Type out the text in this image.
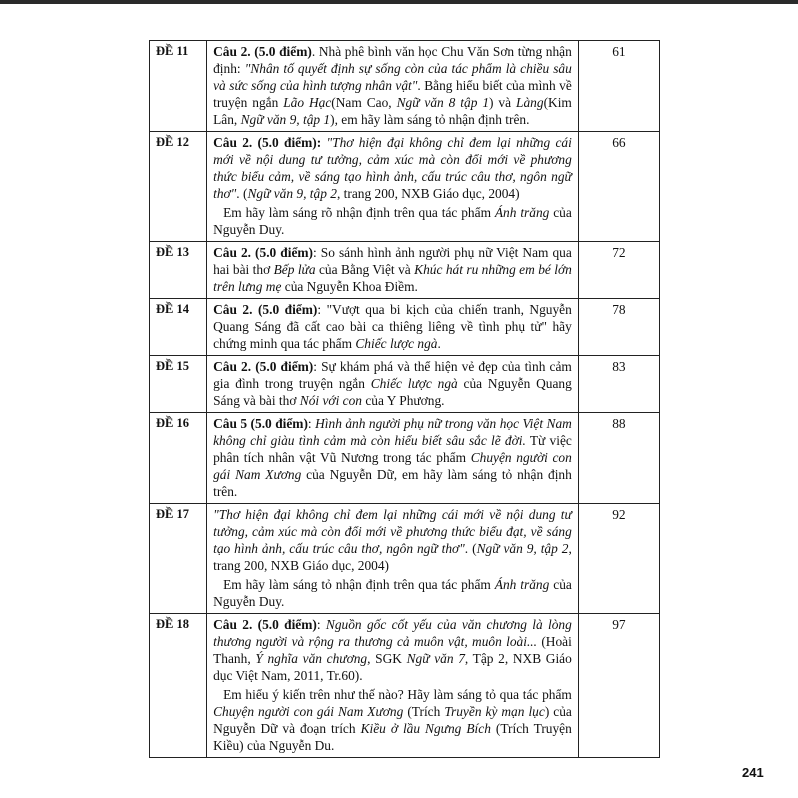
ĐỀ 11	Câu 2. (5.0 điểm). Nhà phê bình văn học Chu Văn Sơn từng nhận định: "Nhân tố quyết định sự sống còn của tác phẩm là chiều sâu và sức sống của hình tượng nhân vật". Bằng hiểu biết của mình về truyện ngắn Lão Hạc(Nam Cao, Ngữ văn 8 tập 1) và Làng(Kim Lân, Ngữ văn 9, tập 1), em hãy làm sáng tỏ nhận định trên.	61
ĐỀ 12	Câu 2. (5.0 điểm): "Thơ hiện đại không chỉ đem lại những cái mới về nội dung tư tưởng, cảm xúc mà còn đổi mới về phương thức biểu cảm, về sáng tạo hình ảnh, cấu trúc câu thơ, ngôn ngữ thơ". (Ngữ văn 9, tập 2, trang 200, NXB Giáo dục, 2004)
Em hãy làm sáng rõ nhận định trên qua tác phẩm Ánh trăng của Nguyễn Duy.	66
ĐỀ 13	Câu 2. (5.0 điểm): So sánh hình ảnh người phụ nữ Việt Nam qua hai bài thơ Bếp lửa của Bằng Việt và Khúc hát ru những em bé lớn trên lưng mẹ của Nguyễn Khoa Điềm.	72
ĐỀ 14	Câu 2. (5.0 điểm): "Vượt qua bi kịch của chiến tranh, Nguyễn Quang Sáng đã cất cao bài ca thiêng liêng về tình phụ tử" hãy chứng minh qua tác phẩm Chiếc lược ngà.	78
ĐỀ 15	Câu 2. (5.0 điểm): Sự khám phá và thể hiện vẻ đẹp của tình cảm gia đình trong truyện ngắn Chiếc lược ngà của Nguyễn Quang Sáng và bài thơ Nói với con của Y Phương.	83
ĐỀ 16	Câu 5 (5.0 điểm): Hình ảnh người phụ nữ trong văn học Việt Nam không chỉ giàu tình cảm mà còn hiểu biết sâu sắc lẽ đời. Từ việc phân tích nhân vật Vũ Nương trong tác phẩm Chuyện người con gái Nam Xương của Nguyễn Dữ, em hãy làm sáng tỏ nhận định trên.	88
ĐỀ 17	"Thơ hiện đại không chỉ đem lại những cái mới về nội dung tư tưởng, cảm xúc mà còn đổi mới về phương thức biểu đạt, về sáng tạo hình ảnh, cấu trúc câu thơ, ngôn ngữ thơ". (Ngữ văn 9, tập 2, trang 200, NXB Giáo dục, 2004)
Em hãy làm sáng tỏ nhận định trên qua tác phẩm Ánh trăng của Nguyễn Duy.	92
ĐỀ 18	Câu 2. (5.0 điểm): Nguồn gốc cốt yếu của văn chương là lòng thương người và rộng ra thương cả muôn vật, muôn loài... (Hoài Thanh, Ý nghĩa văn chương, SGK Ngữ văn 7, Tập 2, NXB Giáo dục Việt Nam, 2011, Tr.60).
Em hiểu ý kiến trên như thế nào? Hãy làm sáng tỏ qua tác phẩm Chuyện người con gái Nam Xương (Trích Truyền kỳ mạn lục) của Nguyễn Dữ và đoạn trích Kiều ở lầu Ngưng Bích (Trích Truyện Kiều) của Nguyễn Du.	97
241
